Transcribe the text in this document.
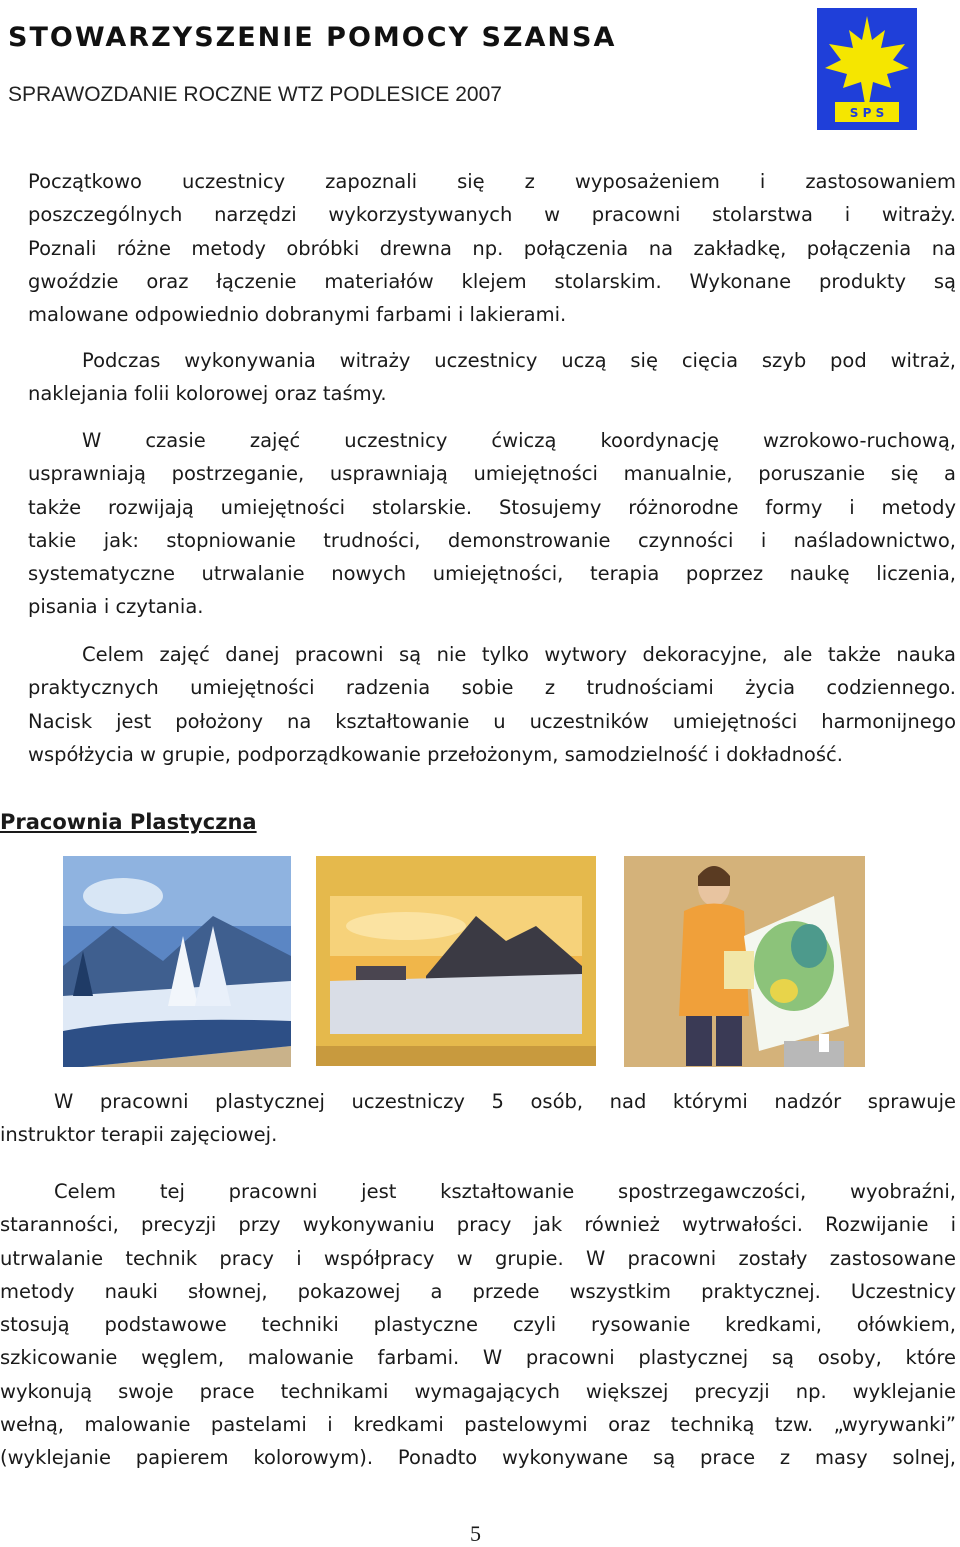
STOWARZYSZENIE POMOCY SZANSA
SPRAWOZDANIE ROCZNE WTZ PODLESICE 2007
S P S
Początkowo uczestnicy zapoznali się z wyposażeniem i zastosowaniem
poszczególnych narzędzi wykorzystywanych w pracowni stolarstwa i witraży.
Poznali różne metody obróbki drewna np. połączenia na zakładkę, połączenia na
gwoździe oraz łączenie materiałów klejem stolarskim. Wykonane produkty są
malowane odpowiednio dobranymi farbami i lakierami.
Podczas wykonywania witraży uczestnicy uczą się cięcia szyb pod witraż,
naklejania folii kolorowej oraz taśmy.
W czasie zajęć uczestnicy ćwiczą koordynację wzrokowo-ruchową,
usprawniają postrzeganie, usprawniają umiejętności manualnie, poruszanie się a
także rozwijają umiejętności stolarskie. Stosujemy różnorodne formy i metody
takie jak: stopniowanie trudności, demonstrowanie czynności i naśladownictwo,
systematyczne utrwalanie nowych umiejętności, terapia poprzez naukę liczenia,
pisania i czytania.
Celem zajęć danej pracowni są nie tylko wytwory dekoracyjne, ale także nauka
praktycznych umiejętności radzenia sobie z trudnościami życia codziennego.
Nacisk jest położony na kształtowanie u uczestników umiejętności harmonijnego
współżycia w grupie, podporządkowanie przełożonym, samodzielność i dokładność.
Pracownia Plastyczna
W pracowni plastycznej uczestniczy 5 osób, nad którymi nadzór sprawuje
instruktor terapii zajęciowej.
Celem tej pracowni jest kształtowanie spostrzegawczości, wyobraźni,
staranności, precyzji przy wykonywaniu pracy jak również wytrwałości. Rozwijanie i
utrwalanie technik pracy i współpracy w grupie. W pracowni zostały zastosowane
metody nauki słownej, pokazowej a przede wszystkim praktycznej. Uczestnicy
stosują podstawowe techniki plastyczne czyli rysowanie kredkami, ołówkiem,
szkicowanie węglem, malowanie farbami. W pracowni plastycznej są osoby, które
wykonują swoje prace technikami wymagających większej precyzji np. wyklejanie
wełną, malowanie pastelami i kredkami pastelowymi oraz techniką tzw. „wyrywanki”
(wyklejanie papierem kolorowym). Ponadto wykonywane są prace z masy solnej,
5
